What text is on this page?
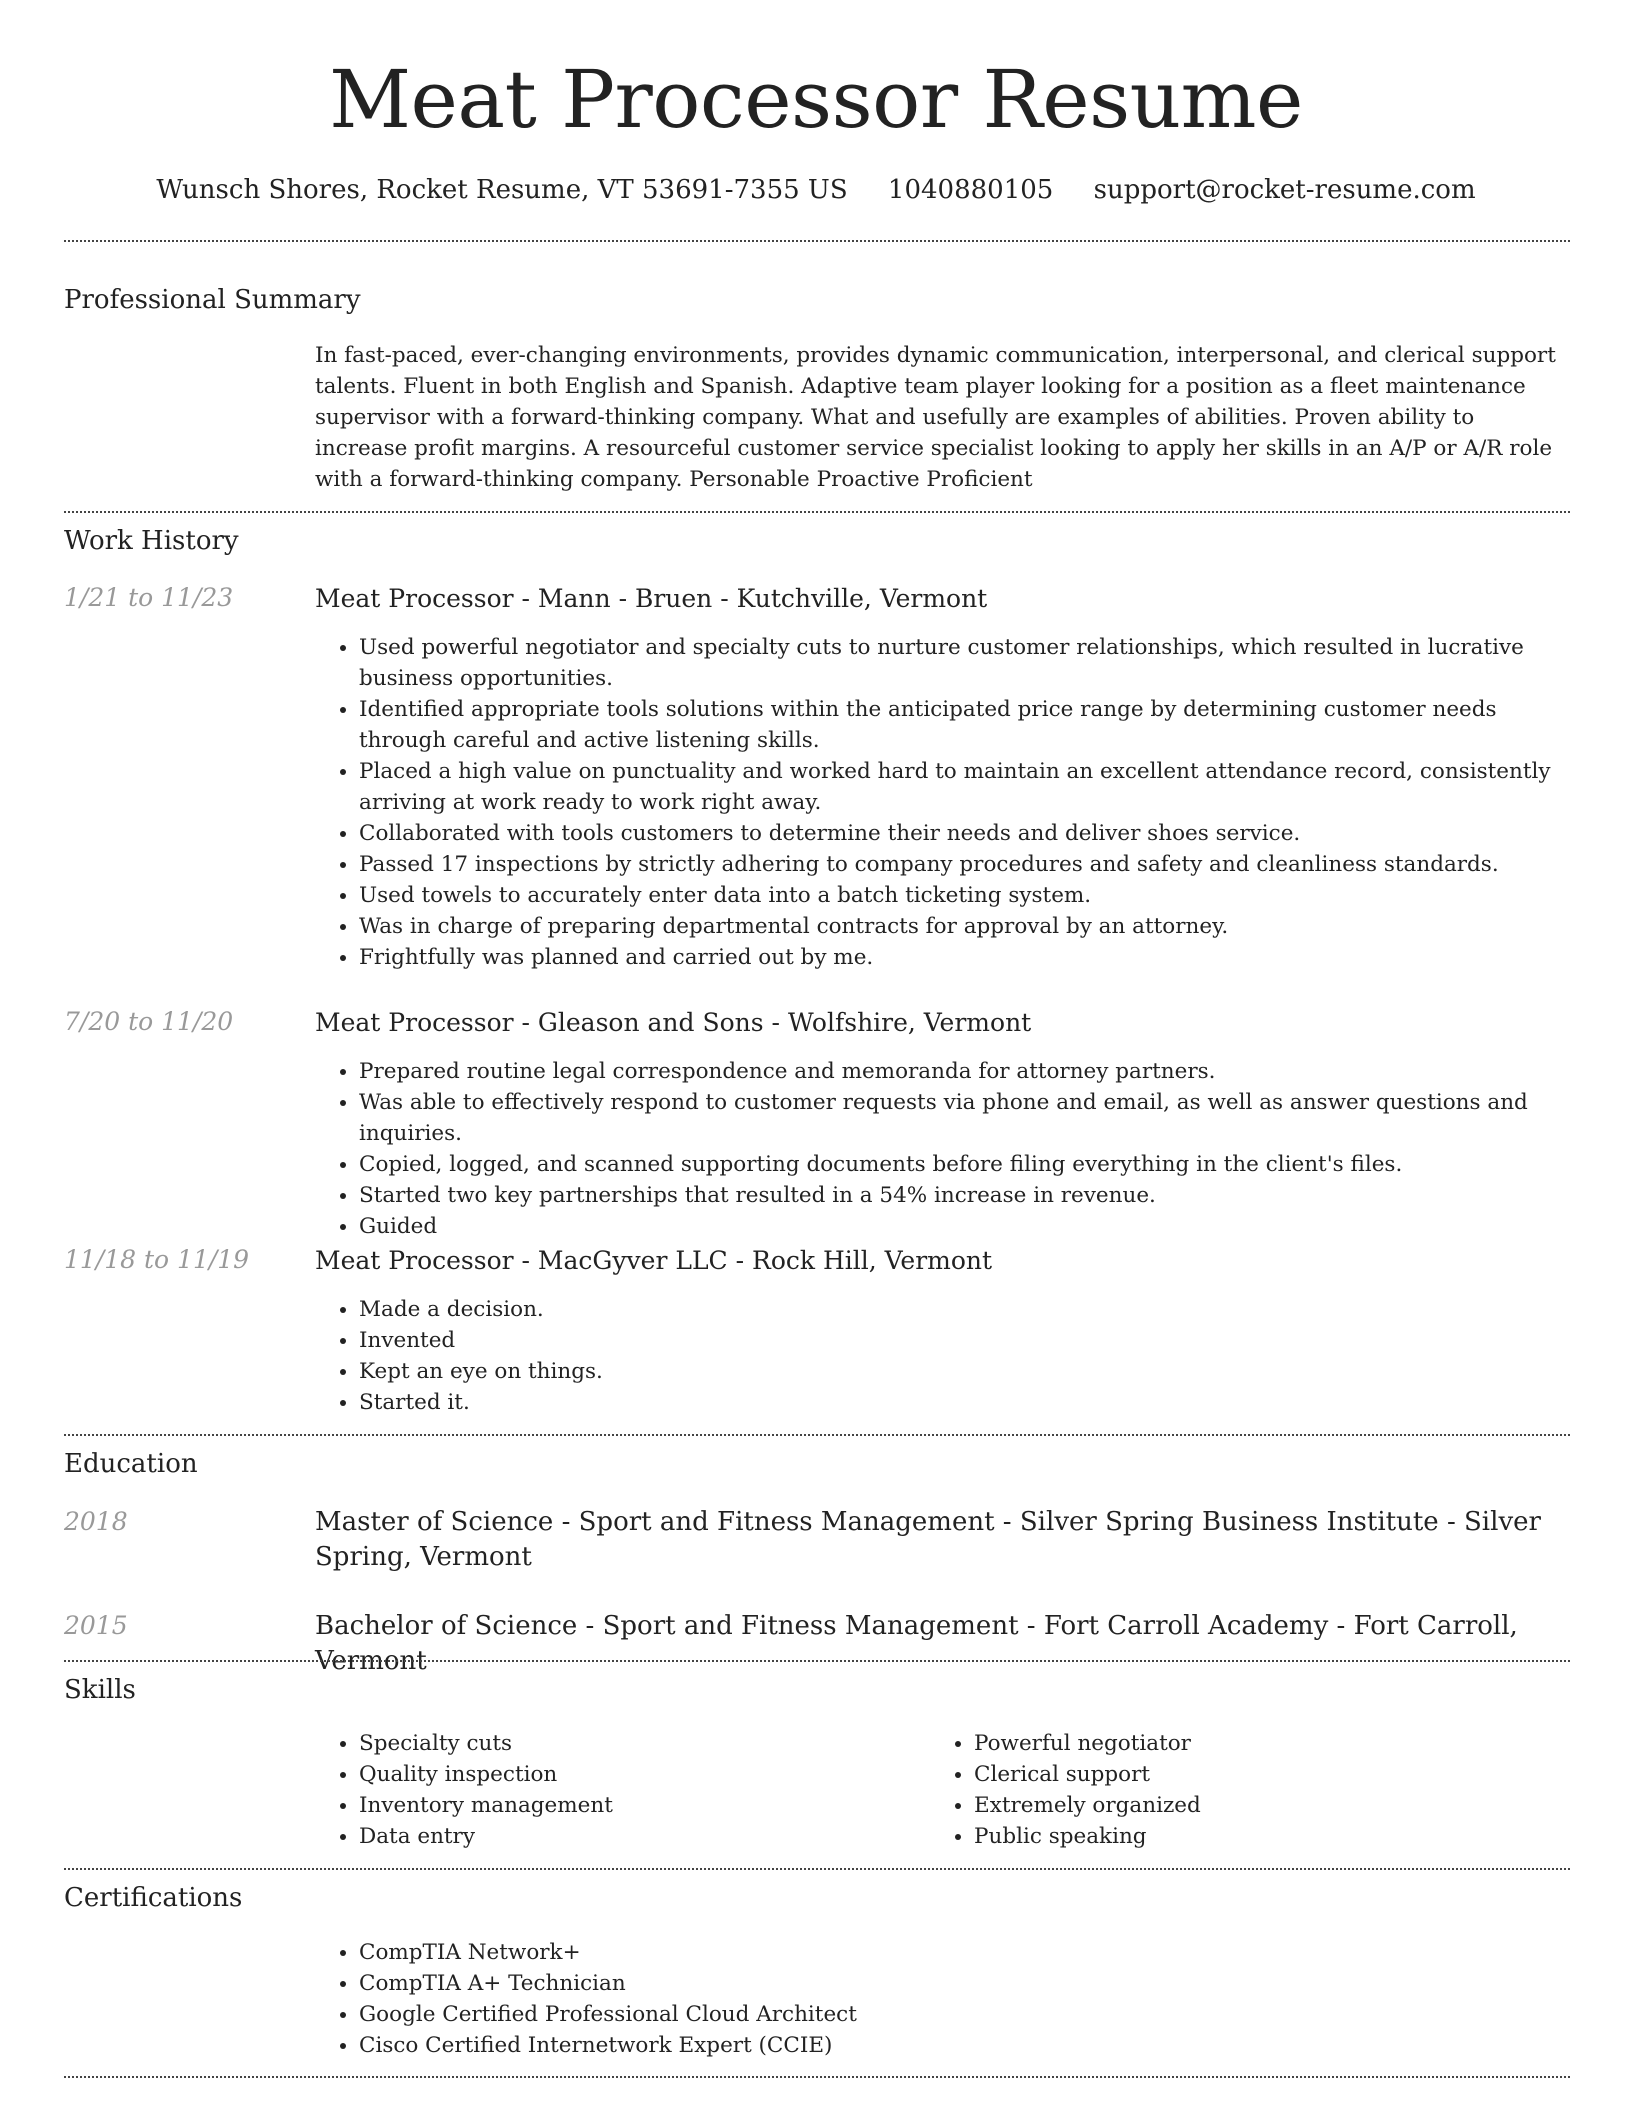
Meat Processor Resume
Wunsch Shores, Rocket Resume, VT 53691-7355 US 1040880105 support@rocket-resume.com
Professional Summary

In fast-paced, ever-changing environments, provides dynamic communication, interpersonal, and clerical support talents. Fluent in both English and Spanish. Adaptive team player looking for a position as a fleet maintenance supervisor with a forward-thinking company. What and usefully are examples of abilities. Proven ability to increase profit margins. A resourceful customer service specialist looking to apply her skills in an A/P or A/R role with a forward-thinking company. Personable Proactive Proficient

Work History
1/21 to 11/23	Meat Processor - Mann - Bruen - Kutchville, Vermont
• Used powerful negotiator and specialty cuts to nurture customer relationships, which resulted in lucrative business opportunities.
• Identified appropriate tools solutions within the anticipated price range by determining customer needs through careful and active listening skills.
• Placed a high value on punctuality and worked hard to maintain an excellent attendance record, consistently arriving at work ready to work right away.
• Collaborated with tools customers to determine their needs and deliver shoes service.
• Passed 17 inspections by strictly adhering to company procedures and safety and cleanliness standards.
• Used towels to accurately enter data into a batch ticketing system.
• Was in charge of preparing departmental contracts for approval by an attorney.
• Frightfully was planned and carried out by me.
7/20 to 11/20	Meat Processor - Gleason and Sons - Wolfshire, Vermont
• Prepared routine legal correspondence and memoranda for attorney partners.
• Was able to effectively respond to customer requests via phone and email, as well as answer questions and inquiries.
• Copied, logged, and scanned supporting documents before filing everything in the client's files.
• Started two key partnerships that resulted in a 54% increase in revenue.
• Guided
11/18 to 11/19	Meat Processor - MacGyver LLC - Rock Hill, Vermont
• Made a decision.
• Invented
• Kept an eye on things.
• Started it.
Education
2018	Master of Science - Sport and Fitness Management - Silver Spring Business Institute - Silver Spring, Vermont
2015	Bachelor of Science - Sport and Fitness Management - Fort Carroll Academy - Fort Carroll, Vermont
Skills
• Specialty cuts
• Quality inspection
• Inventory management
• Data entry
• Powerful negotiator
• Clerical support
• Extremely organized
• Public speaking
Certifications
• CompTIA Network+
• CompTIA A+ Technician
• Google Certified Professional Cloud Architect
• Cisco Certified Internetwork Expert (CCIE)
